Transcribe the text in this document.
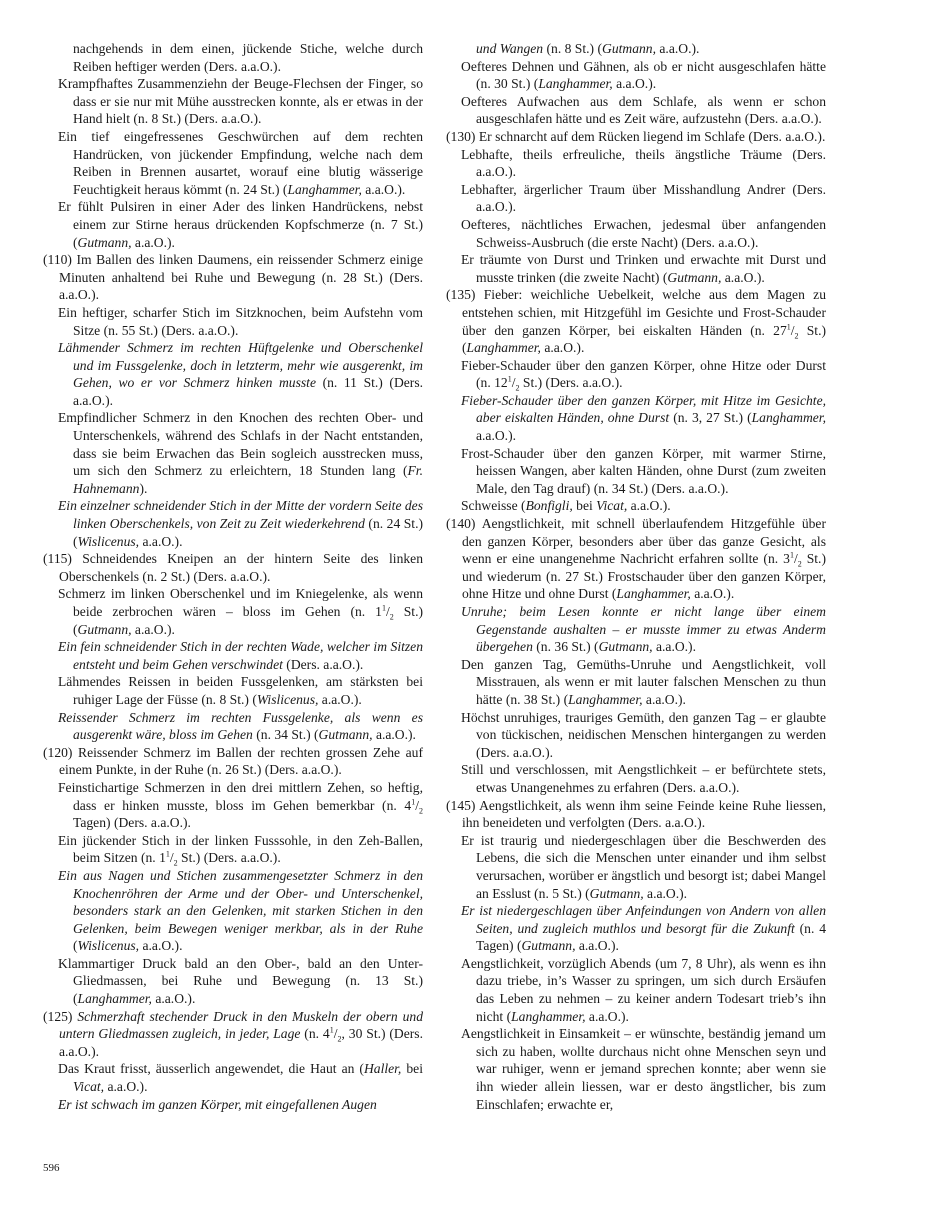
nachgehends in dem einen, jückende Stiche, welche durch Reiben heftiger werden (Ders. a.a.O.).

Krampfhaftes Zusammenziehn der Beuge-Flechsen der Finger, so dass er sie nur mit Mühe ausstrecken konnte, als er etwas in der Hand hielt (n. 8 St.) (Ders. a.a.O.).

Ein tief eingefressenes Geschwürchen auf dem rechten Handrücken, von jückender Empfindung, welche nach dem Reiben in Brennen ausartet, worauf eine blutig wässerige Feuchtigkeit heraus kömmt (n. 24 St.) (Langhammer, a.a.O.).

Er fühlt Pulsiren in einer Ader des linken Handrückens, nebst einem zur Stirne heraus drückenden Kopfschmerze (n. 7 St.) (Gutmann, a.a.O.).

(110) Im Ballen des linken Daumens, ein reissender Schmerz einige Minuten anhaltend bei Ruhe und Bewegung (n. 28 St.) (Ders. a.a.O.).

Ein heftiger, scharfer Stich im Sitzknochen, beim Aufstehn vom Sitze (n. 55 St.) (Ders. a.a.O.).

Lähmender Schmerz im rechten Hüftgelenke und Oberschenkel und im Fussgelenke, doch in letzterm, mehr wie ausgerenkt, im Gehen, wo er vor Schmerz hinken musste (n. 11 St.) (Ders. a.a.O.).

Empfindlicher Schmerz in den Knochen des rechten Ober- und Unterschenkels, während des Schlafs in der Nacht entstanden, dass sie beim Erwachen das Bein sogleich ausstrecken muss, um sich den Schmerz zu erleichtern, 18 Stunden lang (Fr. Hahnemann).

Ein einzelner schneidender Stich in der Mitte der vordern Seite des linken Oberschenkels, von Zeit zu Zeit wiederkehrend (n. 24 St.) (Wislicenus, a.a.O.).

(115) Schneidendes Kneipen an der hintern Seite des linken Oberschenkels (n. 2 St.) (Ders. a.a.O.).

Schmerz im linken Oberschenkel und im Kniegelenke, als wenn beide zerbrochen wären – bloss im Gehen (n. $1^1/_2$ St.) (Gutmann, a.a.O.).

Ein fein schneidender Stich in der rechten Wade, welcher im Sitzen entsteht und beim Gehen verschwindet (Ders. a.a.O.).

Lähmendes Reissen in beiden Fussgelenken, am stärksten bei ruhiger Lage der Füsse (n. 8 St.) (Wislicenus, a.a.O.).

Reissender Schmerz im rechten Fussgelenke, als wenn es ausgerenkt wäre, bloss im Gehen (n. 34 St.) (Gutmann, a.a.O.).

(120) Reissender Schmerz im Ballen der rechten grossen Zehe auf einem Punkte, in der Ruhe (n. 26 St.) (Ders. a.a.O.).

Feinstichartige Schmerzen in den drei mittlern Zehen, so heftig, dass er hinken musste, bloss im Gehen bemerkbar (n. $4^1/_2$ Tagen) (Ders. a.a.O.).

Ein jückender Stich in der linken Fusssohle, in den Zeh-Ballen, beim Sitzen (n. $1^1/_2$ St.) (Ders. a.a.O.).

Ein aus Nagen und Stichen zusammengesetzter Schmerz in den Knochenröhren der Arme und der Ober- und Unterschenkel, besonders stark an den Gelenken, mit starken Stichen in den Gelenken, beim Bewegen weniger merkbar, als in der Ruhe (Wislicenus, a.a.O.).

Klammartiger Druck bald an den Ober-, bald an den Unter-Gliedmassen, bei Ruhe und Bewegung (n. 13 St.) (Langhammer, a.a.O.).

(125) Schmerzhaft stechender Druck in den Muskeln der obern und untern Gliedmassen zugleich, in jeder, Lage (n. $4^1/_2$, 30 St.) (Ders. a.a.O.).

Das Kraut frisst, äusserlich angewendet, die Haut an (Haller, bei Vicat, a.a.O.).

Er ist schwach im ganzen Körper, mit eingefallenen Augen

und Wangen (n. 8 St.) (Gutmann, a.a.O.).

Oefteres Dehnen und Gähnen, als ob er nicht ausgeschlafen hätte (n. 30 St.) (Langhammer, a.a.O.).

Oefteres Aufwachen aus dem Schlafe, als wenn er schon ausgeschlafen hätte und es Zeit wäre, aufzustehn (Ders. a.a.O.).

(130) Er schnarcht auf dem Rücken liegend im Schlafe (Ders. a.a.O.).

Lebhafte, theils erfreuliche, theils ängstliche Träume (Ders. a.a.O.).

Lebhafter, ärgerlicher Traum über Misshandlung Andrer (Ders. a.a.O.).

Oefteres, nächtliches Erwachen, jedesmal über anfangenden Schweiss-Ausbruch (die erste Nacht) (Ders. a.a.O.).

Er träumte von Durst und Trinken und erwachte mit Durst und musste trinken (die zweite Nacht) (Gutmann, a.a.O.).

(135) Fieber: weichliche Uebelkeit, welche aus dem Magen zu entstehen schien, mit Hitzgefühl im Gesichte und Frost-Schauder über den ganzen Körper, bei eiskalten Händen (n. $27^1/_2$ St.) (Langhammer, a.a.O.).

Fieber-Schauder über den ganzen Körper, ohne Hitze oder Durst (n. $12^1/_2$ St.) (Ders. a.a.O.).

Fieber-Schauder über den ganzen Körper, mit Hitze im Gesichte, aber eiskalten Händen, ohne Durst (n. 3, 27 St.) (Langhammer, a.a.O.).

Frost-Schauder über den ganzen Körper, mit warmer Stirne, heissen Wangen, aber kalten Händen, ohne Durst (zum zweiten Male, den Tag drauf) (n. 34 St.) (Ders. a.a.O.).

Schweisse (Bonfigli, bei Vicat, a.a.O.).

(140) Aengstlichkeit, mit schnell überlaufendem Hitzgefühle über den ganzen Körper, besonders aber über das ganze Gesicht, als wenn er eine unangenehme Nachricht erfahren sollte (n. $3^1/_2$ St.) und wiederum (n. 27 St.) Frostschauder über den ganzen Körper, ohne Hitze und ohne Durst (Langhammer, a.a.O.).

Unruhe; beim Lesen konnte er nicht lange über einem Gegenstande aushalten – er musste immer zu etwas Anderm übergehen (n. 36 St.) (Gutmann, a.a.O.).

Den ganzen Tag, Gemüths-Unruhe und Aengstlichkeit, voll Misstrauen, als wenn er mit lauter falschen Menschen zu thun hätte (n. 38 St.) (Langhammer, a.a.O.).

Höchst unruhiges, trauriges Gemüth, den ganzen Tag – er glaubte von tückischen, neidischen Menschen hintergangen zu werden (Ders. a.a.O.).

Still und verschlossen, mit Aengstlichkeit – er befürchtete stets, etwas Unangenehmes zu erfahren (Ders. a.a.O.).

(145) Aengstlichkeit, als wenn ihm seine Feinde keine Ruhe liessen, ihn beneideten und verfolgten (Ders. a.a.O.).

Er ist traurig und niedergeschlagen über die Beschwerden des Lebens, die sich die Menschen unter einander und ihm selbst verursachen, worüber er ängstlich und besorgt ist; dabei Mangel an Esslust (n. 5 St.) (Gutmann, a.a.O.).

Er ist niedergeschlagen über Anfeindungen von Andern von allen Seiten, und zugleich muthlos und besorgt für die Zukunft (n. 4 Tagen) (Gutmann, a.a.O.).

Aengstlichkeit, vorzüglich Abends (um 7, 8 Uhr), als wenn es ihn dazu triebe, in’s Wasser zu springen, um sich durch Ersäufen das Leben zu nehmen – zu keiner andern Todesart trieb’s ihn nicht (Langhammer, a.a.O.).

Aengstlichkeit in Einsamkeit – er wünschte, beständig jemand um sich zu haben, wollte durchaus nicht ohne Menschen seyn und war ruhiger, wenn er jemand sprechen konnte; aber wenn sie ihn wieder allein liessen, war er desto ängstlicher, bis zum Einschlafen; erwachte er,

596
